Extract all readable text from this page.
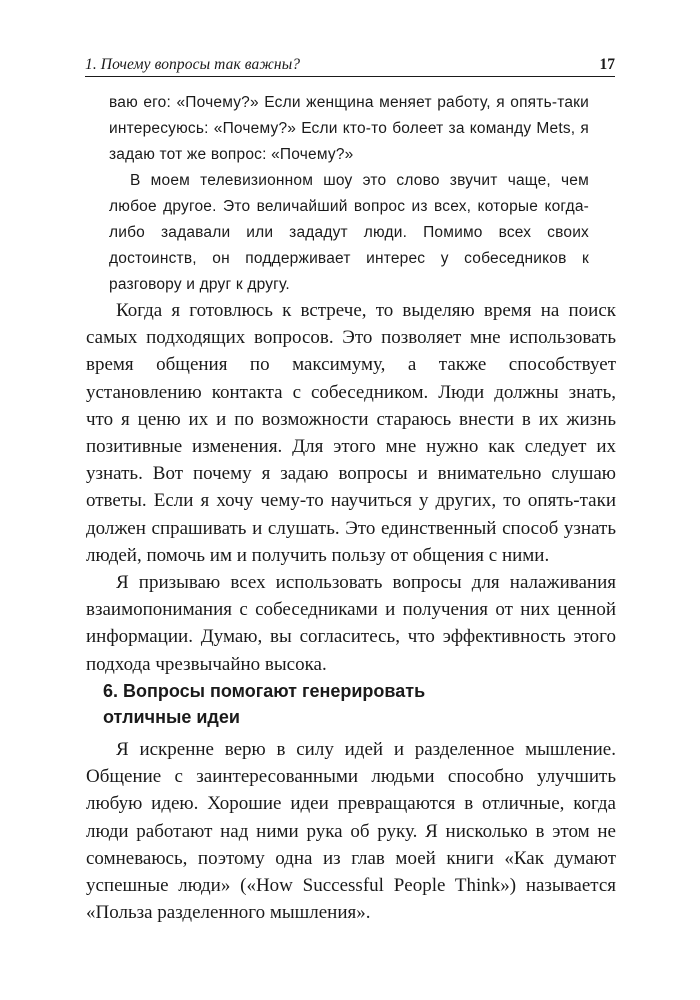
1. Почему вопросы так важны?	17

ваю его: «Почему?» Если женщина меняет работу, я опять-таки интересуюсь: «Почему?» Если кто-то болеет за команду Mets, я задаю тот же вопрос: «Почему?»

В моем телевизионном шоу это слово звучит чаще, чем любое другое. Это величайший вопрос из всех, которые когда-либо задавали или зададут люди. Помимо всех своих достоинств, он поддерживает интерес у собеседников к разговору и друг к другу.

Когда я готовлюсь к встрече, то выделяю время на поиск самых подходящих вопросов. Это позволяет мне использовать время общения по максимуму, а также способствует установлению контакта с собеседником. Люди должны знать, что я ценю их и по возможности стараюсь внести в их жизнь позитивные изменения. Для этого мне нужно как следует их узнать. Вот почему я задаю вопросы и внимательно слушаю ответы. Если я хочу чему-то научиться у других, то опять-таки должен спрашивать и слушать. Это единственный способ узнать людей, помочь им и получить пользу от общения с ними.

Я призываю всех использовать вопросы для налаживания взаимопонимания с собеседниками и получения от них ценной информации. Думаю, вы согласитесь, что эффективность этого подхода чрезвычайно высока.

6. Вопросы помогают генерировать
отличные идеи

Я искренне верю в силу идей и разделенное мышление. Общение с заинтересованными людьми способно улучшить любую идею. Хорошие идеи превращаются в отличные, когда люди работают над ними рука об руку. Я нисколько в этом не сомневаюсь, поэтому одна из глав моей книги «Как думают успешные люди» («How Successful People Think») называется «Польза разделенного мышления».
